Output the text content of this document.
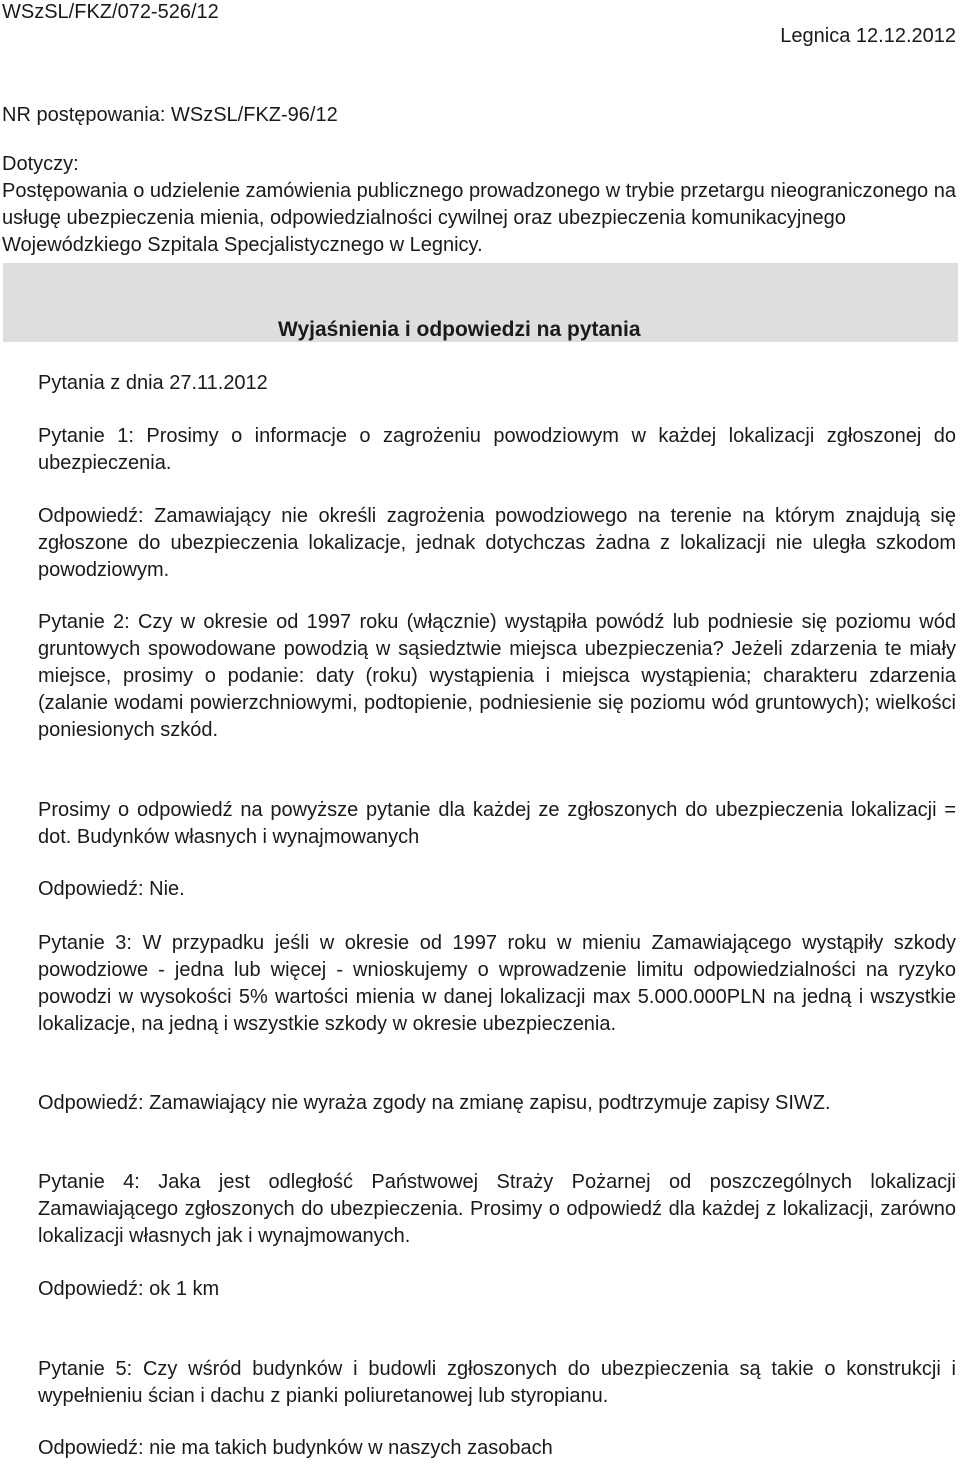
WSzSL/FKZ/072-526/12
Legnica 12.12.2012
NR postępowania: WSzSL/FKZ-96/12
Dotyczy:
Postępowania o udzielenie zamówienia publicznego prowadzonego w trybie przetargu nieograniczonego na usługę ubezpieczenia mienia, odpowiedzialności cywilnej oraz ubezpieczenia komunikacyjnego Wojewódzkiego Szpitala Specjalistycznego w Legnicy.
Wyjaśnienia i odpowiedzi na pytania
Pytania z dnia 27.11.2012
Pytanie 1: Prosimy o informacje o zagrożeniu powodziowym w każdej lokalizacji zgłoszonej do ubezpieczenia.
Odpowiedź: Zamawiający nie określi zagrożenia powodziowego na terenie na którym znajdują się zgłoszone do ubezpieczenia lokalizacje, jednak dotychczas żadna z lokalizacji nie uległa szkodom powodziowym.
Pytanie 2: Czy w okresie od 1997 roku (włącznie) wystąpiła powódź lub podniesie się poziomu wód gruntowych spowodowane powodzią w sąsiedztwie miejsca ubezpieczenia? Jeżeli zdarzenia te miały miejsce, prosimy o podanie: daty (roku) wystąpienia i miejsca wystąpienia; charakteru zdarzenia (zalanie wodami powierzchniowymi, podtopienie, podniesienie się poziomu wód gruntowych); wielkości poniesionych szkód.
Prosimy o odpowiedź na powyższe pytanie dla każdej ze zgłoszonych do ubezpieczenia lokalizacji = dot. Budynków własnych i wynajmowanych
Odpowiedź: Nie.
Pytanie 3: W przypadku jeśli w okresie od 1997 roku w mieniu Zamawiającego wystąpiły szkody powodziowe - jedna lub więcej - wnioskujemy o wprowadzenie limitu odpowiedzialności na ryzyko powodzi w wysokości 5% wartości mienia w danej lokalizacji max 5.000.000PLN na jedną i wszystkie lokalizacje, na jedną i wszystkie szkody w okresie ubezpieczenia.
Odpowiedź: Zamawiający nie wyraża zgody na zmianę zapisu, podtrzymuje zapisy SIWZ.
Pytanie 4: Jaka jest odległość Państwowej Straży Pożarnej od poszczególnych lokalizacji Zamawiającego zgłoszonych do ubezpieczenia. Prosimy o odpowiedź dla każdej z lokalizacji, zarówno lokalizacji własnych jak i wynajmowanych.
Odpowiedź: ok 1 km
Pytanie 5: Czy wśród budynków i budowli zgłoszonych do ubezpieczenia są takie o konstrukcji i wypełnieniu ścian i dachu z pianki poliuretanowej lub styropianu.
Odpowiedź: nie ma takich budynków w naszych zasobach
